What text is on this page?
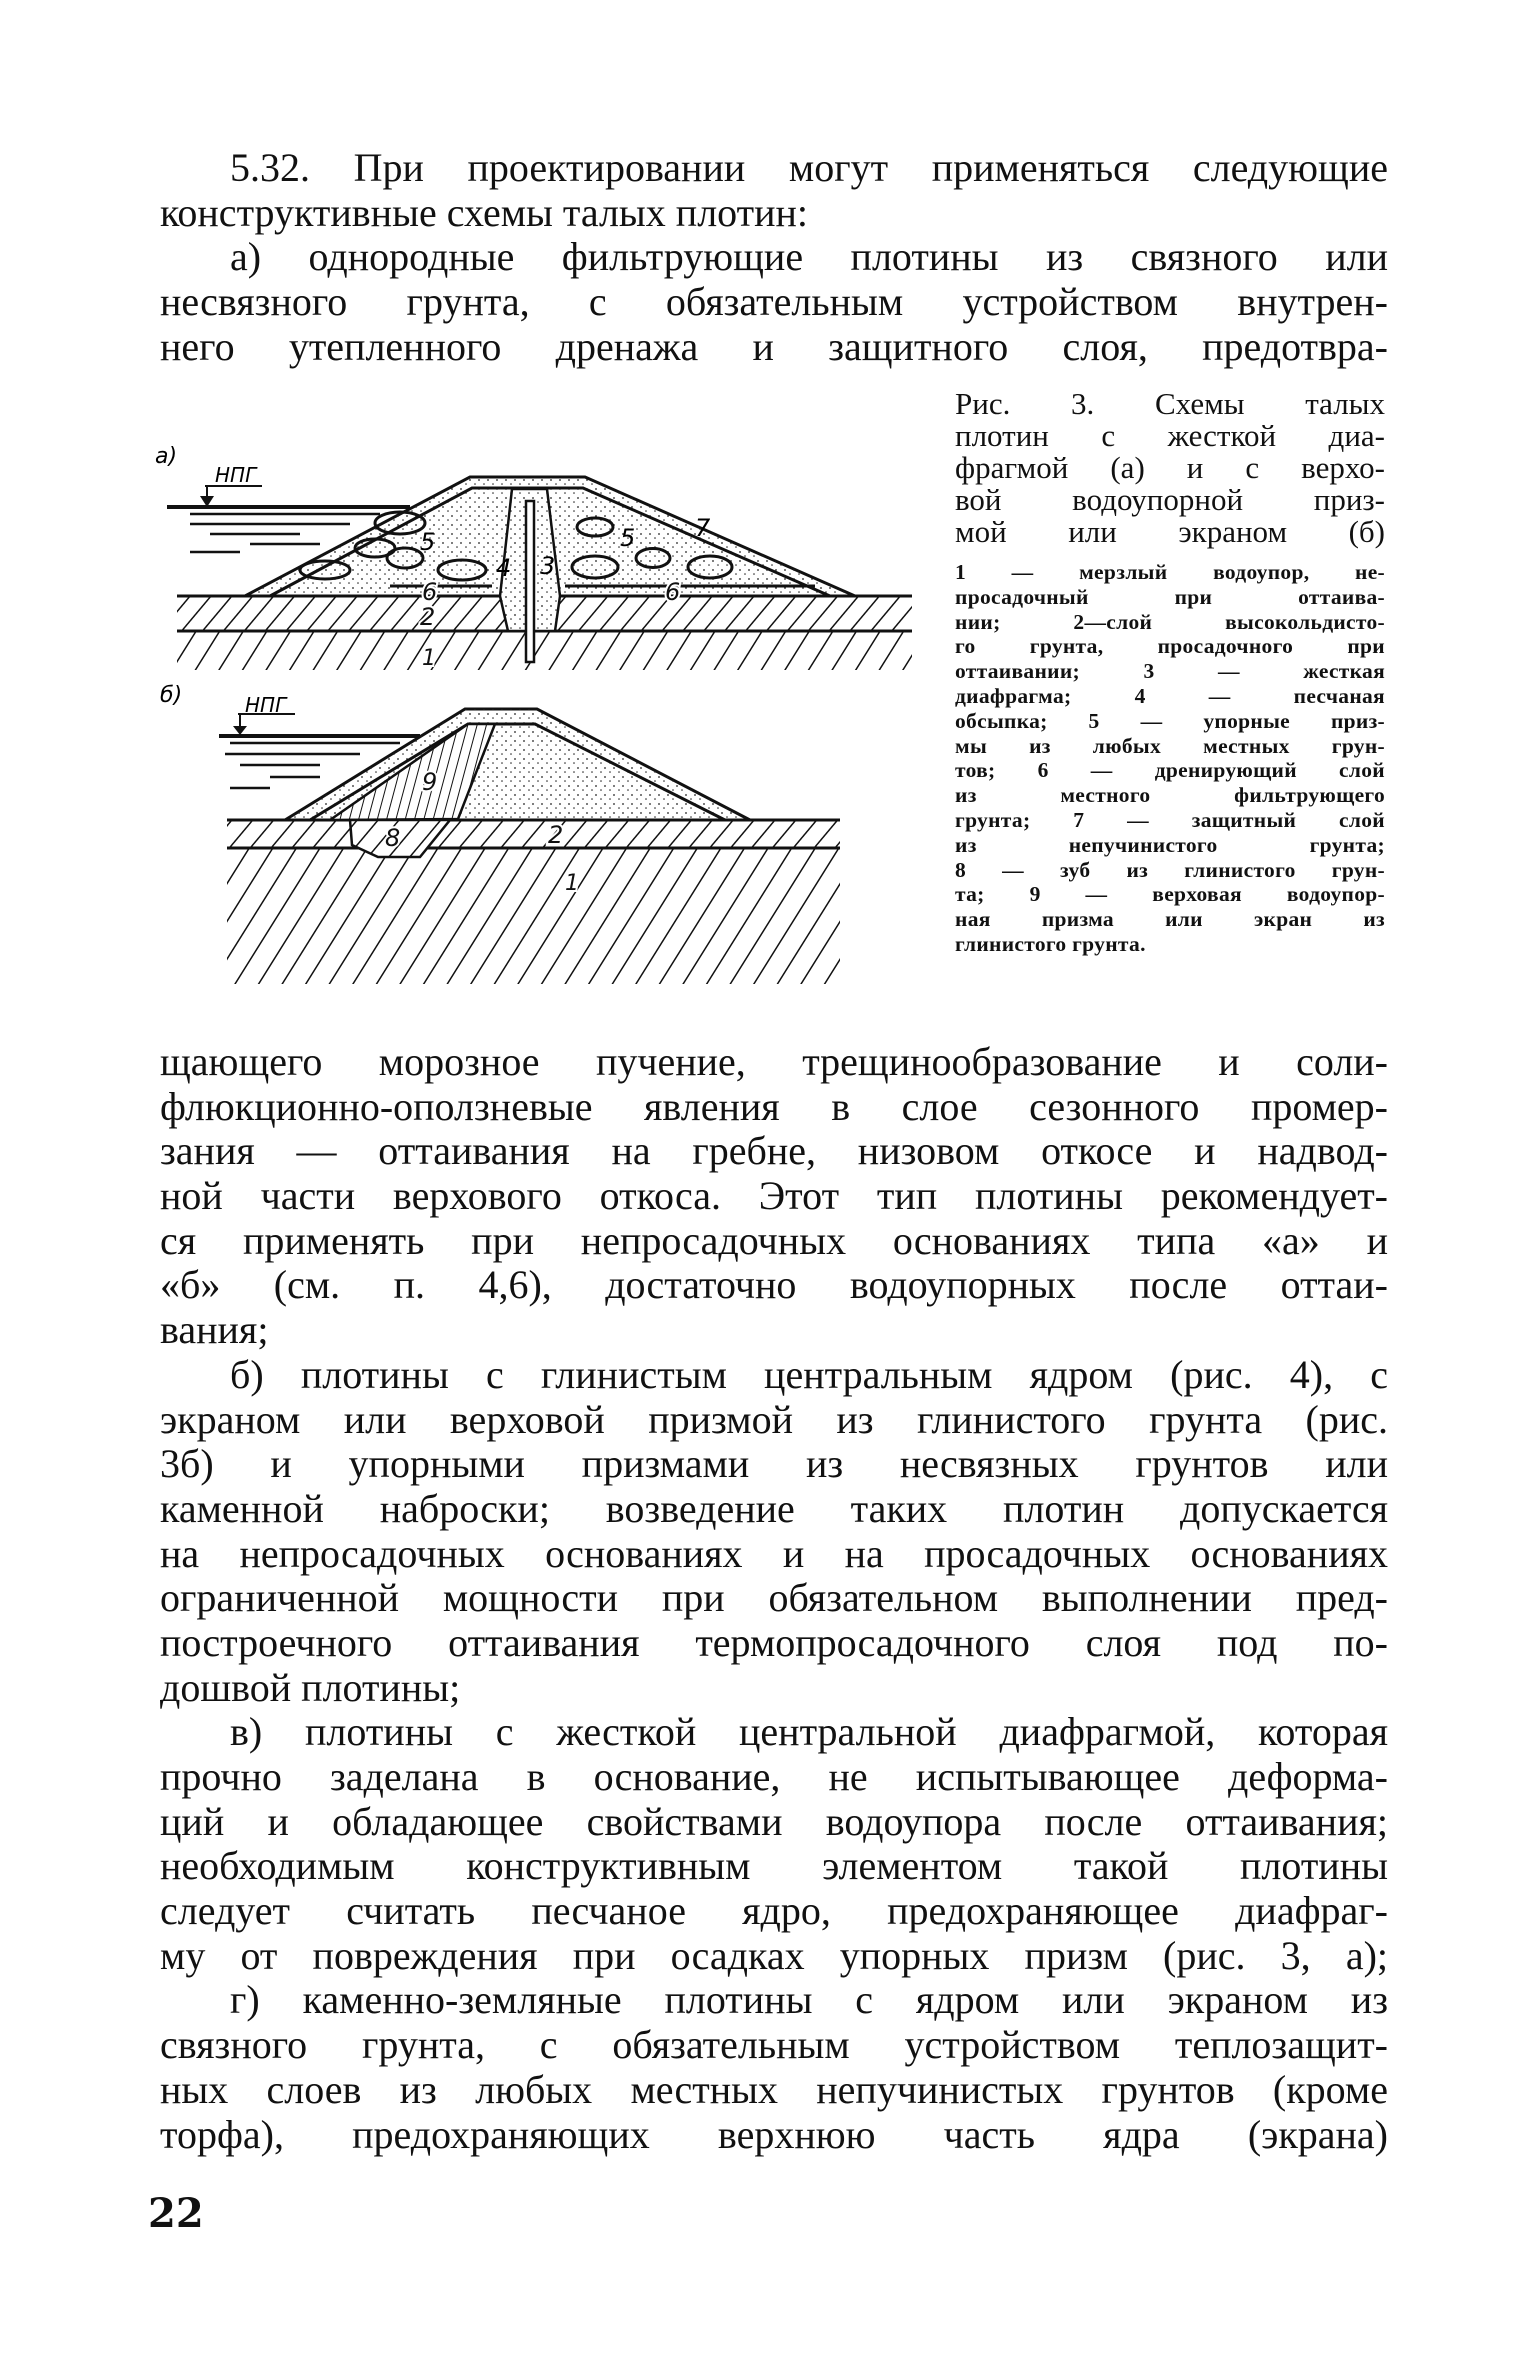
5.32. При проектировании могут применяться следующие
конструктивные схемы талых плотин:
а) однородные фильтрующие плотины из связного или
несвязного грунта, с обязательным устройством внутрен-
него утепленного дренажа и защитного слоя, предотвра-
а)
НПГ
6	6
5	5
3
4
7
2
1
б)	НПГ
9
8	2
1
Рис. 3. Схемы талых
плотин с жесткой диа-
фрагмой (а) и с верхо-
вой водоупорной приз-
мой или экраном (б)
1 — мерзлый водоупор, не-
просадочный при оттаива-
нии; 2—слой высокольдисто-
го грунта, просадочного при
оттаивании; 3 — жесткая
диафрагма; 4 — песчаная
обсыпка; 5 — упорные приз-
мы из любых местных грун-
тов; 6 — дренирующий слой
из местного фильтрующего
грунта; 7 — защитный слой
из непучинистого грунта;
8 — зуб из глинистого грун-
та; 9 — верховая водоупор-
ная призма или экран из
глинистого грунта.
щающего морозное пучение, трещинообразование и соли-
флюкционно-оползневые явления в слое сезонного промер-
зания — оттаивания на гребне, низовом откосе и надвод-
ной части верхового откоса. Этот тип плотины рекомендует-
ся применять при непросадочных основаниях типа «а» и
«б» (см. п. 4,6), достаточно водоупорных после оттаи-
вания;
б) плотины с глинистым центральным ядром (рис. 4), с
экраном или верховой призмой из глинистого грунта (рис.
3б) и упорными призмами из несвязных грунтов или
каменной наброски; возведение таких плотин допускается
на непросадочных основаниях и на просадочных основаниях
ограниченной мощности при обязательном выполнении пред-
построечного оттаивания термопросадочного слоя под по-
дошвой плотины;
в) плотины с жесткой центральной диафрагмой, которая
прочно заделана в основание, не испытывающее деформа-
ций и обладающее свойствами водоупора после оттаивания;
необходимым конструктивным элементом такой плотины
следует считать песчаное ядро, предохраняющее диафраг-
му от повреждения при осадках упорных призм (рис. 3, а);
г) каменно-земляные плотины с ядром или экраном из
связного грунта, с обязательным устройством теплозащит-
ных слоев из любых местных непучинистых грунтов (кроме
торфа), предохраняющих верхнюю часть ядра (экрана)
22
